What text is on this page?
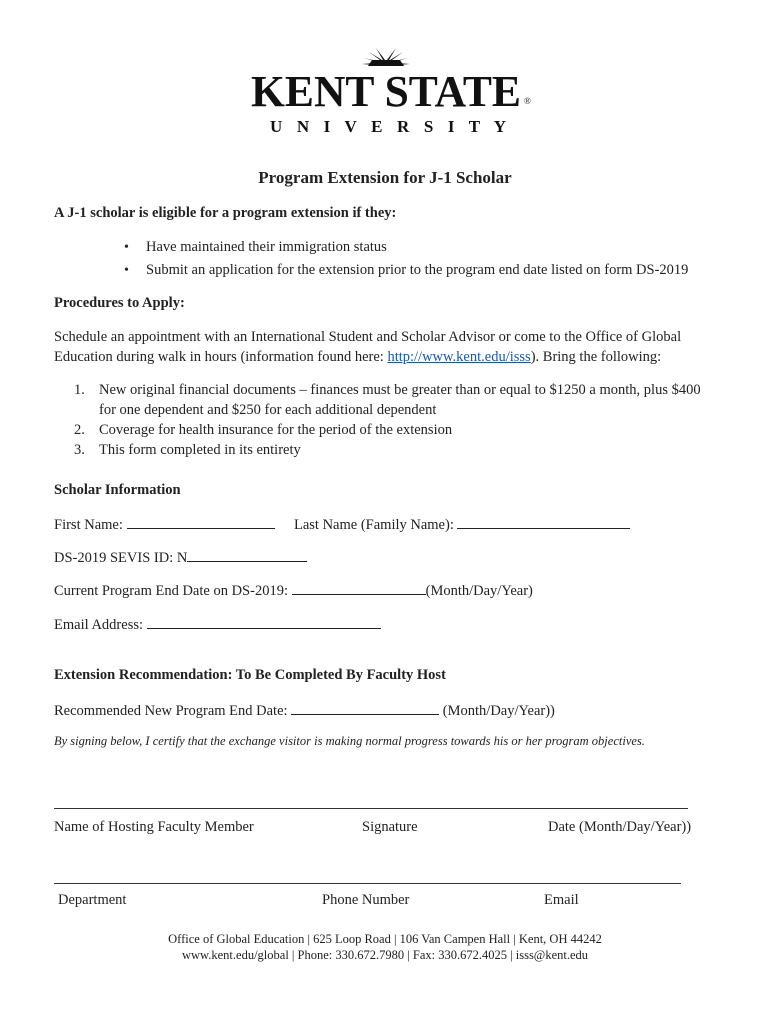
KENT STATE ®
U N I V E R S I T Y
Program Extension for J-1 Scholar
A J-1 scholar is eligible for a program extension if they:
• Have maintained their immigration status
• Submit an application for the extension prior to the program end date listed on form DS-2019
Procedures to Apply:
Schedule an appointment with an International Student and Scholar Advisor or come to the Office of Global
Education during walk in hours (information found here: http://www.kent.edu/isss). Bring the following:
1. New original financial documents – finances must be greater than or equal to $1250 a month, plus $400
for one dependent and $250 for each additional dependent
2. Coverage for health insurance for the period of the extension
3. This form completed in its entirety
Scholar Information
First Name:	Last Name (Family Name):
DS-2019 SEVIS ID: N
Current Program End Date on DS-2019:	(Month/Day/Year)
Email Address:
Extension Recommendation: To Be Completed By Faculty Host
Recommended New Program End Date:	(Month/Day/Year))
By signing below, I certify that the exchange visitor is making normal progress towards his or her program objectives.
Name of Hosting Faculty Member	Signature	Date (Month/Day/Year))
Department	Phone Number	Email
Office of Global Education | 625 Loop Road | 106 Van Campen Hall | Kent, OH 44242
www.kent.edu/global | Phone: 330.672.7980 | Fax: 330.672.4025 | isss@kent.edu
